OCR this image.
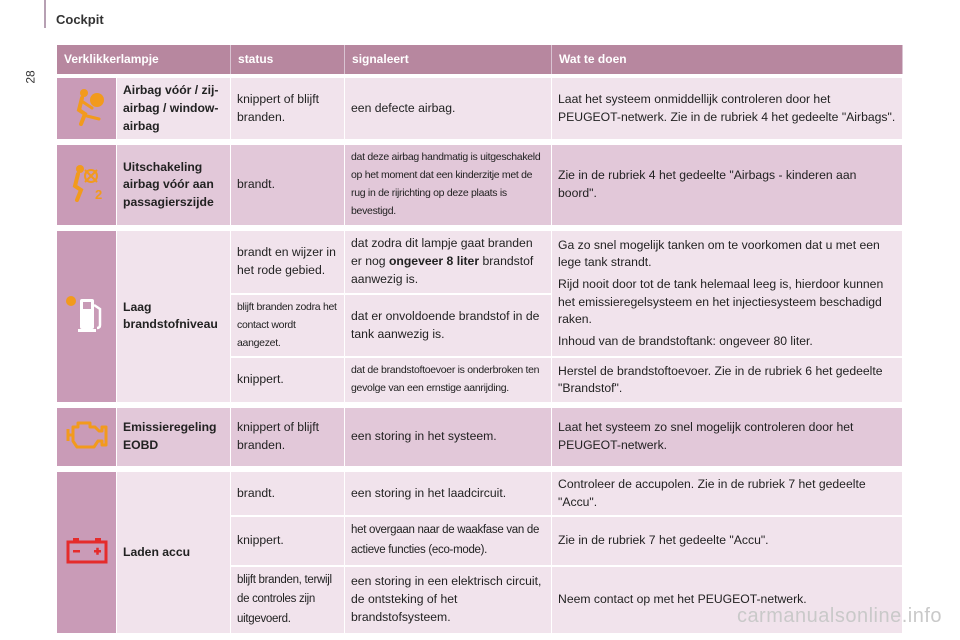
Cockpit
28
Verklikkerlampje		status	signaleert	Wat te doen

	Airbag vóór / zij-airbag / window-airbag	knippert of blijft branden.	een defecte airbag.	Laat het systeem onmiddellijk controleren door het PEUGEOT-netwerk. Zie in de rubriek 4 het gedeelte "Airbags".

2	Uitschakeling airbag vóór aan passagierszijde	brandt.	dat deze airbag handmatig is uitgeschakeld op het moment dat een kinderzitje met de rug in de rijrichting op deze plaats is bevestigd.	Zie in de rubriek 4 het gedeelte "Airbags - kinderen aan boord".

	Laag brandstofniveau	brandt en wijzer in het rode gebied.	dat zodra dit lampje gaat branden er nog ongeveer 8 liter brandstof aanwezig is.	Ga zo snel mogelijk tanken om te voorkomen dat u met een lege tank strandt.

Rijd nooit door tot de tank helemaal leeg is, hierdoor kunnen het emissieregelsysteem en het injectiesysteem beschadigd raken.

Inhoud van de brandstoftank: ongeveer 80 liter.

		blijft branden zodra het contact wordt aangezet.	dat er onvoldoende brandstof in de tank aanwezig is.	
		knippert.	dat de brandstoftoevoer is onderbroken ten gevolge van een ernstige aanrijding.	Herstel de brandstoftoevoer. Zie in de rubriek 6 het gedeelte "Brandstof".

	Emissieregeling EOBD	knippert of blijft branden.	een storing in het systeem.	Laat het systeem zo snel mogelijk controleren door het PEUGEOT-netwerk.

	Laden accu	brandt.	een storing in het laadcircuit.	Controleer de accupolen. Zie in de rubriek 7 het gedeelte "Accu".
		knippert.	het overgaan naar de waakfase van de actieve functies (eco-mode).	Zie in de rubriek 7 het gedeelte "Accu".
		blijft branden, terwijl de controles zijn uitgevoerd.	een storing in een elektrisch circuit, de ontsteking of het brandstofsysteem.	Neem contact op met het PEUGEOT-netwerk.
carmanualsonline.info
